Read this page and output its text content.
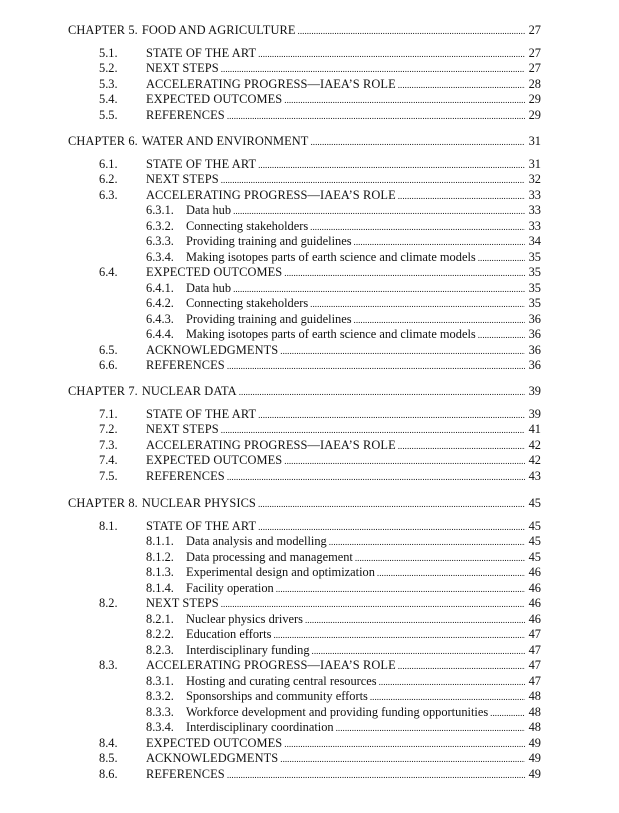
CHAPTER 5. FOOD AND AGRICULTURE . . .	27
5.1.	STATE OF THE ART . . .	27
5.2.	NEXT STEPS . . .	27
5.3.	ACCELERATING PROGRESS—IAEA’S ROLE . . .	28
5.4.	EXPECTED OUTCOMES . . .	29
5.5.	REFERENCES . . .	29
CHAPTER 6. WATER AND ENVIRONMENT . . .	31
6.1.	STATE OF THE ART . . .	31
6.2.	NEXT STEPS . . .	32
6.3.	ACCELERATING PROGRESS—IAEA’S ROLE . . .	33
6.3.1. Data hub . . .	33
6.3.2. Connecting stakeholders . . .	33
6.3.3. Providing training and guidelines . . .	34
6.3.4. Making isotopes parts of earth science and climate models . . .	35
6.4.	EXPECTED OUTCOMES . . .	35
6.4.1. Data hub . . .	35
6.4.2. Connecting stakeholders . . .	35
6.4.3. Providing training and guidelines . . .	36
6.4.4. Making isotopes parts of earth science and climate models . . .	36
6.5.	ACKNOWLEDGMENTS . . .	36
6.6.	REFERENCES . . .	36
CHAPTER 7. NUCLEAR DATA . . .	39
7.1.	STATE OF THE ART . . .	39
7.2.	NEXT STEPS . . .	41
7.3.	ACCELERATING PROGRESS—IAEA’S ROLE . . .	42
7.4.	EXPECTED OUTCOMES . . .	42
7.5.	REFERENCES . . .	43
CHAPTER 8. NUCLEAR PHYSICS . . .	45
8.1.	STATE OF THE ART . . .	45
8.1.1. Data analysis and modelling . . .	45
8.1.2. Data processing and management . . .	45
8.1.3. Experimental design and optimization . . .	46
8.1.4. Facility operation . . .	46
8.2.	NEXT STEPS . . .	46
8.2.1. Nuclear physics drivers . . .	46
8.2.2. Education efforts . . .	47
8.2.3. Interdisciplinary funding . . .	47
8.3.	ACCELERATING PROGRESS—IAEA’S ROLE . . .	47
8.3.1. Hosting and curating central resources . . .	47
8.3.2. Sponsorships and community efforts . . .	48
8.3.3. Workforce development and providing funding opportunities . . .	48
8.3.4. Interdisciplinary coordination . . .	48
8.4.	EXPECTED OUTCOMES . . .	49
8.5.	ACKNOWLEDGMENTS . . .	49
8.6.	REFERENCES . . .	49
